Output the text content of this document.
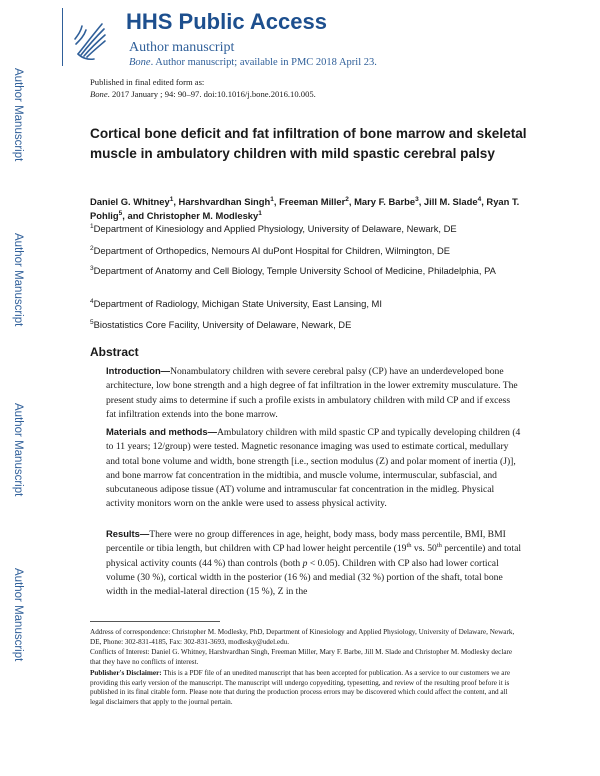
Author Manuscript
Author Manuscript
Author Manuscript
Author Manuscript
HHS Public Access
Author manuscript
Bone. Author manuscript; available in PMC 2018 April 23.
Published in final edited form as:
Bone. 2017 January ; 94: 90–97. doi:10.1016/j.bone.2016.10.005.
Cortical bone deficit and fat infiltration of bone marrow and skeletal muscle in ambulatory children with mild spastic cerebral palsy
Daniel G. Whitney$^1$, Harshvardhan Singh$^1$, Freeman Miller$^2$, Mary F. Barbe$^3$, Jill M. Slade$^4$, Ryan T. Pohlig$^5$, and Christopher M. Modlesky$^1$
$^1$Department of Kinesiology and Applied Physiology, University of Delaware, Newark, DE
$^2$Department of Orthopedics, Nemours AI duPont Hospital for Children, Wilmington, DE
$^3$Department of Anatomy and Cell Biology, Temple University School of Medicine, Philadelphia, PA
$^4$Department of Radiology, Michigan State University, East Lansing, MI
$^5$Biostatistics Core Facility, University of Delaware, Newark, DE
Abstract
Introduction—Nonambulatory children with severe cerebral palsy (CP) have an underdeveloped bone architecture, low bone strength and a high degree of fat infiltration in the lower extremity musculature. The present study aims to determine if such a profile exists in ambulatory children with mild CP and if excess fat infiltration extends into the bone marrow.
Materials and methods—Ambulatory children with mild spastic CP and typically developing children (4 to 11 years; 12/group) were tested. Magnetic resonance imaging was used to estimate cortical, medullary and total bone volume and width, bone strength [i.e., section modulus (Z) and polar moment of inertia (J)], and bone marrow fat concentration in the midtibia, and muscle volume, intermuscular, subfascial, and subcutaneous adipose tissue (AT) volume and intramuscular fat concentration in the midleg. Physical activity monitors worn on the ankle were used to assess physical activity.
Results—There were no group differences in age, height, body mass, body mass percentile, BMI, BMI percentile or tibia length, but children with CP had lower height percentile (19th vs. 50th percentile) and total physical activity counts (44 %) than controls (both p < 0.05). Children with CP also had lower cortical volume (30 %), cortical width in the posterior (16 %) and medial (32 %) portion of the shaft, total bone width in the medial-lateral direction (15 %), Z in the
Address of correspondence: Christopher M. Modlesky, PhD, Department of Kinesiology and Applied Physiology, University of Delaware, Newark, DE, Phone: 302-831-4185, Fax: 302-831-3693, modlesky@udel.edu.
Conflicts of Interest: Daniel G. Whitney, Harshvardhan Singh, Freeman Miller, Mary F. Barbe, Jill M. Slade and Christopher M. Modlesky declare that they have no conflicts of interest.
Publisher's Disclaimer: This is a PDF file of an unedited manuscript that has been accepted for publication. As a service to our customers we are providing this early version of the manuscript. The manuscript will undergo copyediting, typesetting, and review of the resulting proof before it is published in its final citable form. Please note that during the production process errors may be discovered which could affect the content, and all legal disclaimers that apply to the journal pertain.
